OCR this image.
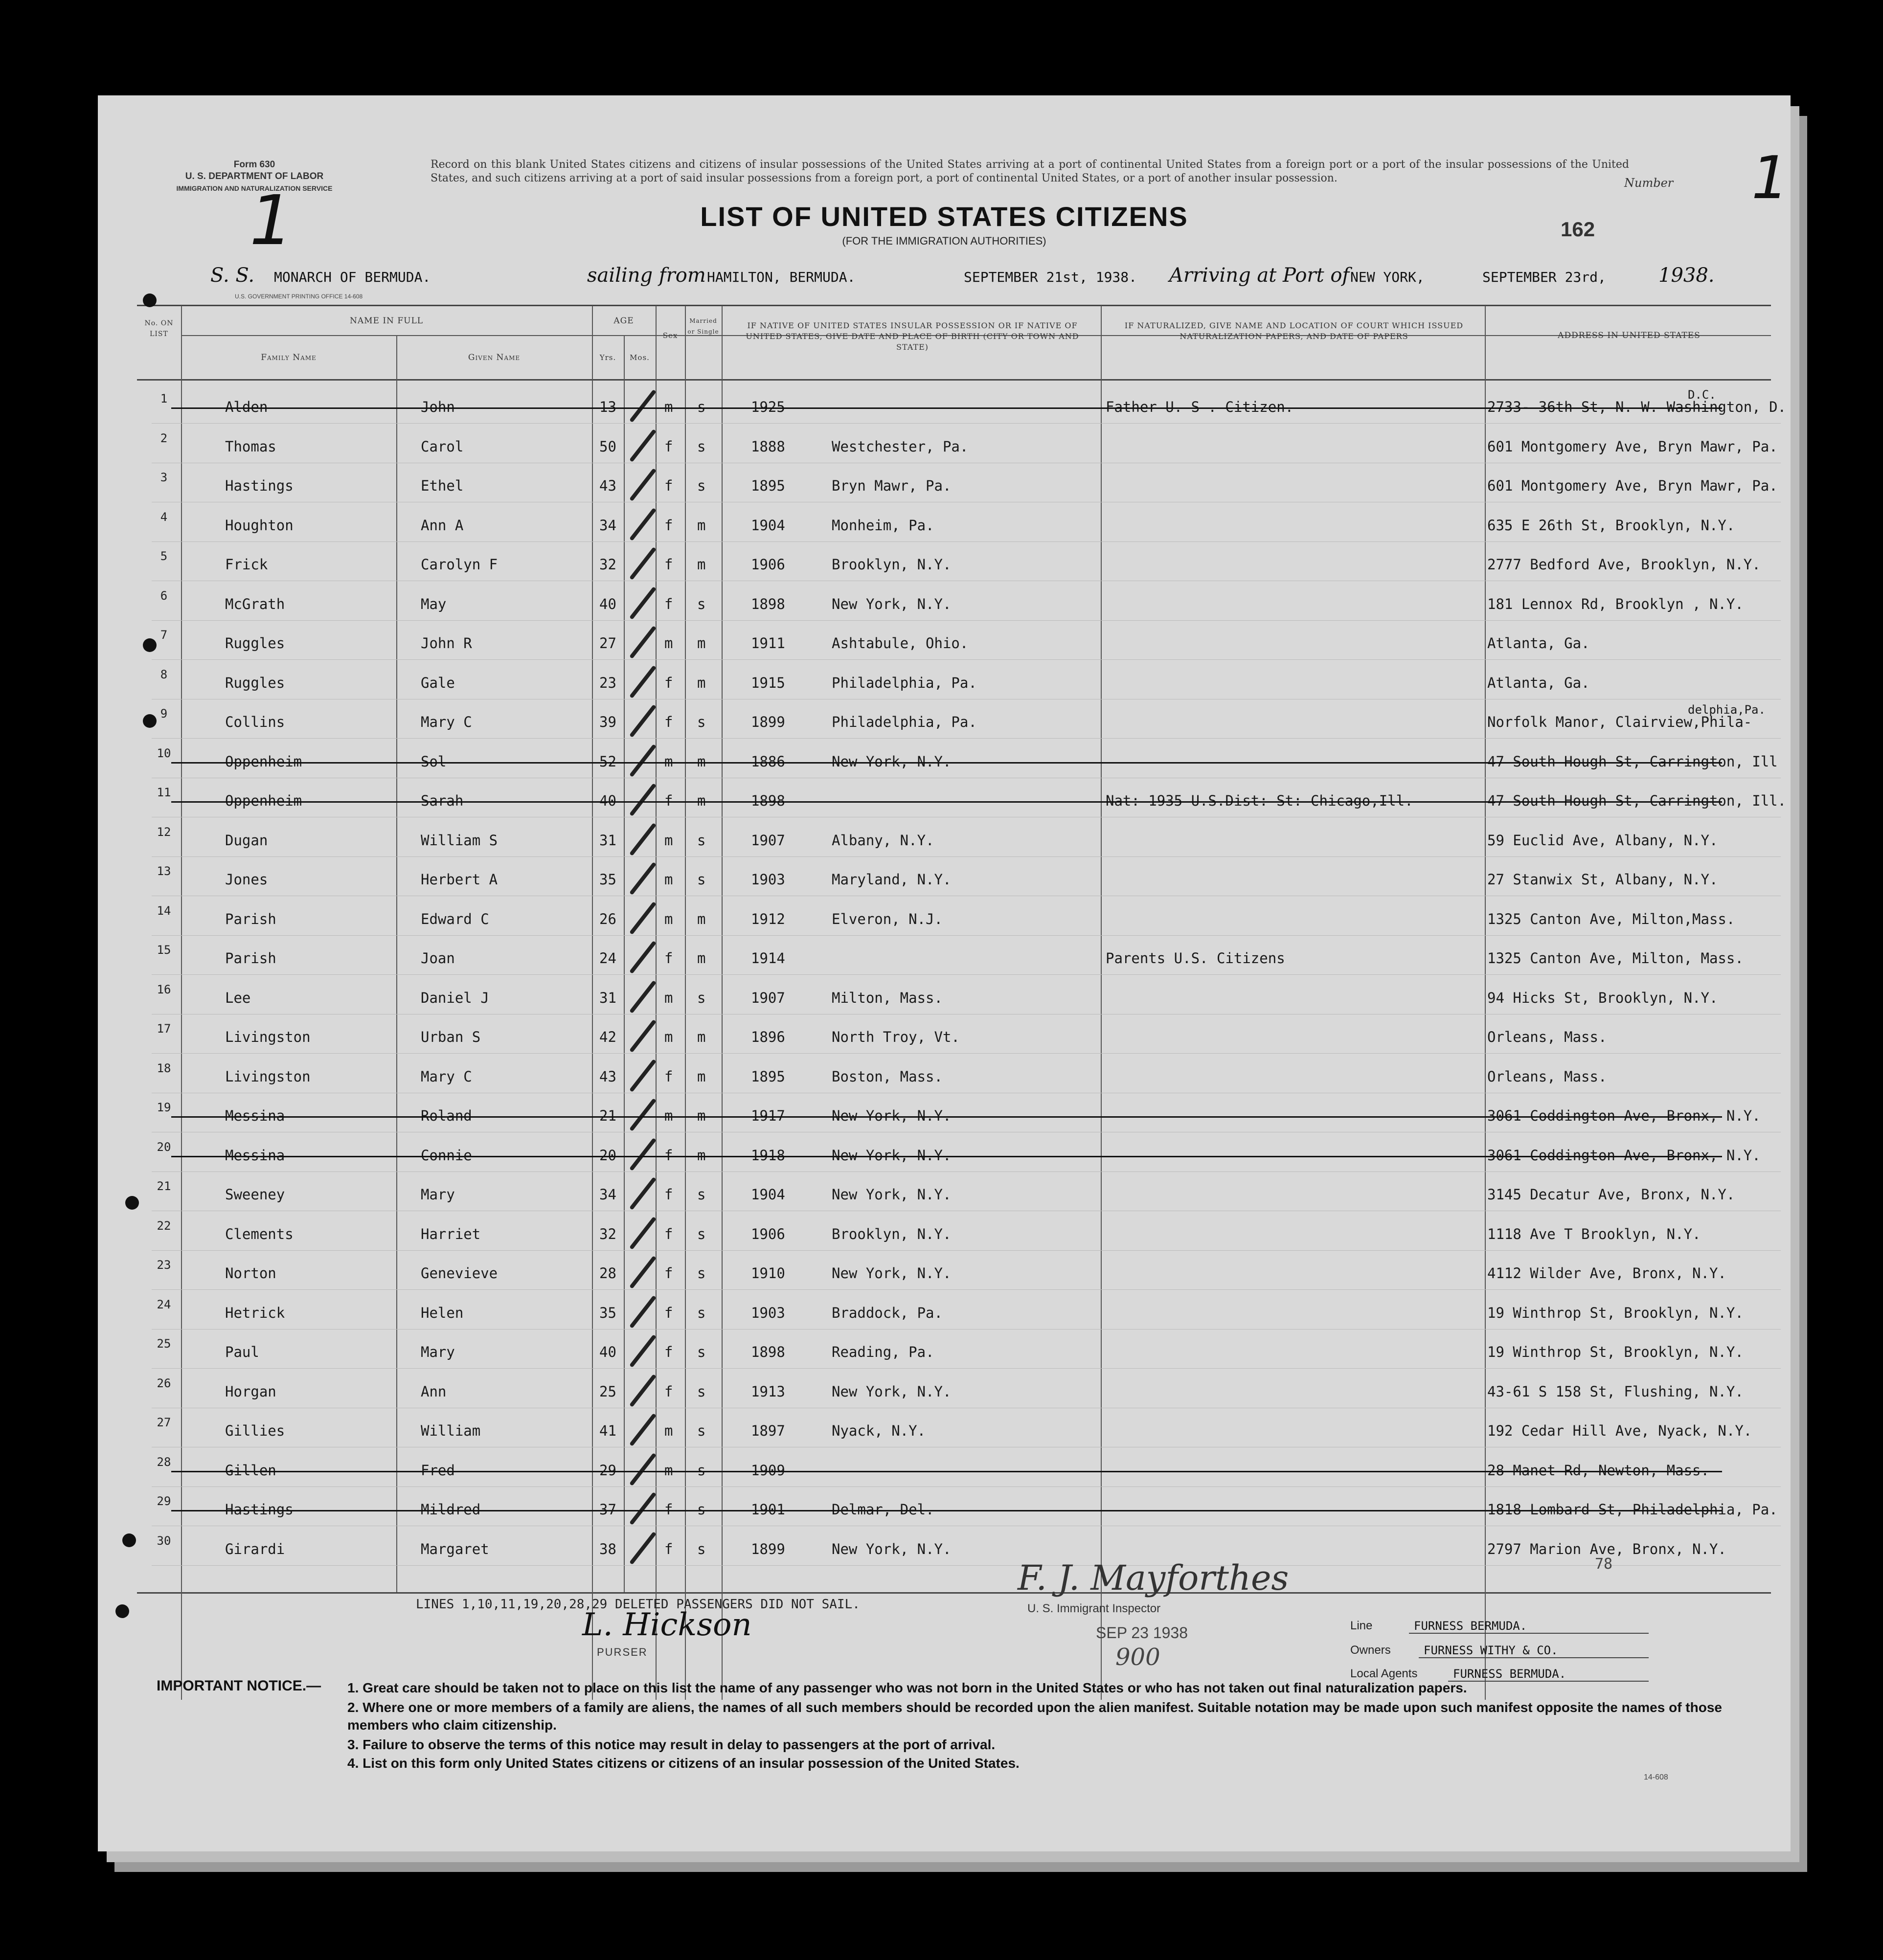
Form 630
U. S. DEPARTMENT OF LABOR
IMMIGRATION AND NATURALIZATION SERVICE
1
Record on this blank United States citizens and citizens of insular possessions of the United States arriving at a port of continental United States from a foreign port or a port of the insular possessions of the United States, and such citizens arriving at a port of said insular possessions from a foreign port, a port of continental United States, or a port of another insular possession.	Number 1
LIST OF UNITED STATES CITIZENS
(FOR THE IMMIGRATION AUTHORITIES)
162
S. S. MONARCH OF BERMUDA.	sailing from HAMILTON, BERMUDA.	SEPTEMBER 21st, 1938. Arriving at Port of NEW YORK,	SEPTEMBER 23rd,	1938.
U.S. GOVERNMENT PRINTING OFFICE 14-608
No. ON LIST
NAME IN FULL
Family Name	Given Name
AGE
Yrs.	Mos.
Sex
Married or Single
IF NATIVE OF UNITED STATES INSULAR POSSESSION OR IF NATIVE OF UNITED STATES, GIVE DATE AND PLACE OF BIRTH (CITY OR TOWN AND STATE)
IF NATURALIZED, GIVE NAME AND LOCATION OF COURT WHICH ISSUED NATURALIZATION PAPERS, AND DATE OF PAPERS	ADDRESS IN UNITED STATES
1	Alden	John	13	m s	1925	Father U. S . Citizen.	2733- 36th St, N. W. Washington, D.
D.C.
2	Thomas	Carol	50	f s	1888	Westchester, Pa.	601 Montgomery Ave, Bryn Mawr, Pa.
3	Hastings	Ethel	43	f s	1895	Bryn Mawr, Pa.	601 Montgomery Ave, Bryn Mawr, Pa.
4	Houghton	Ann A	34	f m	1904	Monheim, Pa.	635 E 26th St, Brooklyn, N.Y.
5	Frick	Carolyn F	32	f m	1906	Brooklyn, N.Y.	2777 Bedford Ave, Brooklyn, N.Y.
6	McGrath	May	40	f s	1898	New York, N.Y.	181 Lennox Rd, Brooklyn , N.Y.
7	Ruggles	John R	27	m m	1911	Ashtabule, Ohio.	Atlanta, Ga.
8	Ruggles	Gale	23	f m	1915	Philadelphia, Pa.	Atlanta, Ga.
9	Collins	Mary C	39	f s	1899	Philadelphia, Pa.	Norfolk Manor, Clairview,Phila-
delphia,Pa.
10	Oppenheim	Sol	52	m m	1886	New York, N.Y.	47 South Hough St, Carrington, Ill
11	Oppenheim	Sarah	40	f m	1898	Nat: 1935 U.S.Dist: St: Chicago,Ill.	47 South Hough St, Carrington, Ill.
12	Dugan	William S	31	m s	1907	Albany, N.Y.	59 Euclid Ave, Albany, N.Y.
13	Jones	Herbert A	35	m s	1903	Maryland, N.Y.	27 Stanwix St, Albany, N.Y.
14	Parish	Edward C	26	m m	1912	Elveron, N.J.	1325 Canton Ave, Milton,Mass.
15	Parish	Joan	24	f m	1914	Parents U.S. Citizens	1325 Canton Ave, Milton, Mass.
16	Lee	Daniel J	31	m s	1907	Milton, Mass.	94 Hicks St, Brooklyn, N.Y.
17	Livingston	Urban S	42	m m	1896	North Troy, Vt.	Orleans, Mass.
18	Livingston	Mary C	43	f m	1895	Boston, Mass.	Orleans, Mass.
19	Messina	Roland	21	m m	1917	New York, N.Y.	3061 Coddington Ave, Bronx, N.Y.
20	Messina	Connie	20	f m	1918	New York, N.Y.	3061 Coddington Ave, Bronx, N.Y.
21	Sweeney	Mary	34	f s	1904	New York, N.Y.	3145 Decatur Ave, Bronx, N.Y.
22	Clements	Harriet	32	f s	1906	Brooklyn, N.Y.	1118 Ave T Brooklyn, N.Y.
23	Norton	Genevieve	28	f s	1910	New York, N.Y.	4112 Wilder Ave, Bronx, N.Y.
24	Hetrick	Helen	35	f s	1903	Braddock, Pa.	19 Winthrop St, Brooklyn, N.Y.
25	Paul	Mary	40	f s	1898	Reading, Pa.	19 Winthrop St, Brooklyn, N.Y.
26	Horgan	Ann	25	f s	1913	New York, N.Y.	43-61 S 158 St, Flushing, N.Y.
27	Gillies	William	41	m s	1897	Nyack, N.Y.	192 Cedar Hill Ave, Nyack, N.Y.
28	Gillen	Fred	29	m s	1909	28 Manet Rd, Newton, Mass.
29	Hastings	Mildred	37	f s	1901	Delmar, Del.	1818 Lombard St, Philadelphia, Pa.
30	Girardi	Margaret	38	f s	1899	New York, N.Y.	2797 Marion Ave, Bronx, N.Y.
LINES 1,10,11,19,20,28,29 DELETED PASSENGERS DID NOT SAIL.
L. Hickson
PURSER
F. J. Mayforthes
U. S. Immigrant Inspector
SEP 23 1938
900
78
Line	FURNESS BERMUDA.
Owners	FURNESS WITHY & CO.
Local Agents	FURNESS BERMUDA.
IMPORTANT NOTICE.— 1. Great care should be taken not to place on this list the name of any passenger who was not born in the United States or who has not taken out final naturalization papers.
2. Where one or more members of a family are aliens, the names of all such members should be recorded upon the alien manifest. Suitable notation may be made upon such manifest opposite the names of those members who claim citizenship.
3. Failure to observe the terms of this notice may result in delay to passengers at the port of arrival.
4. List on this form only United States citizens or citizens of an insular possession of the United States.
14-608
